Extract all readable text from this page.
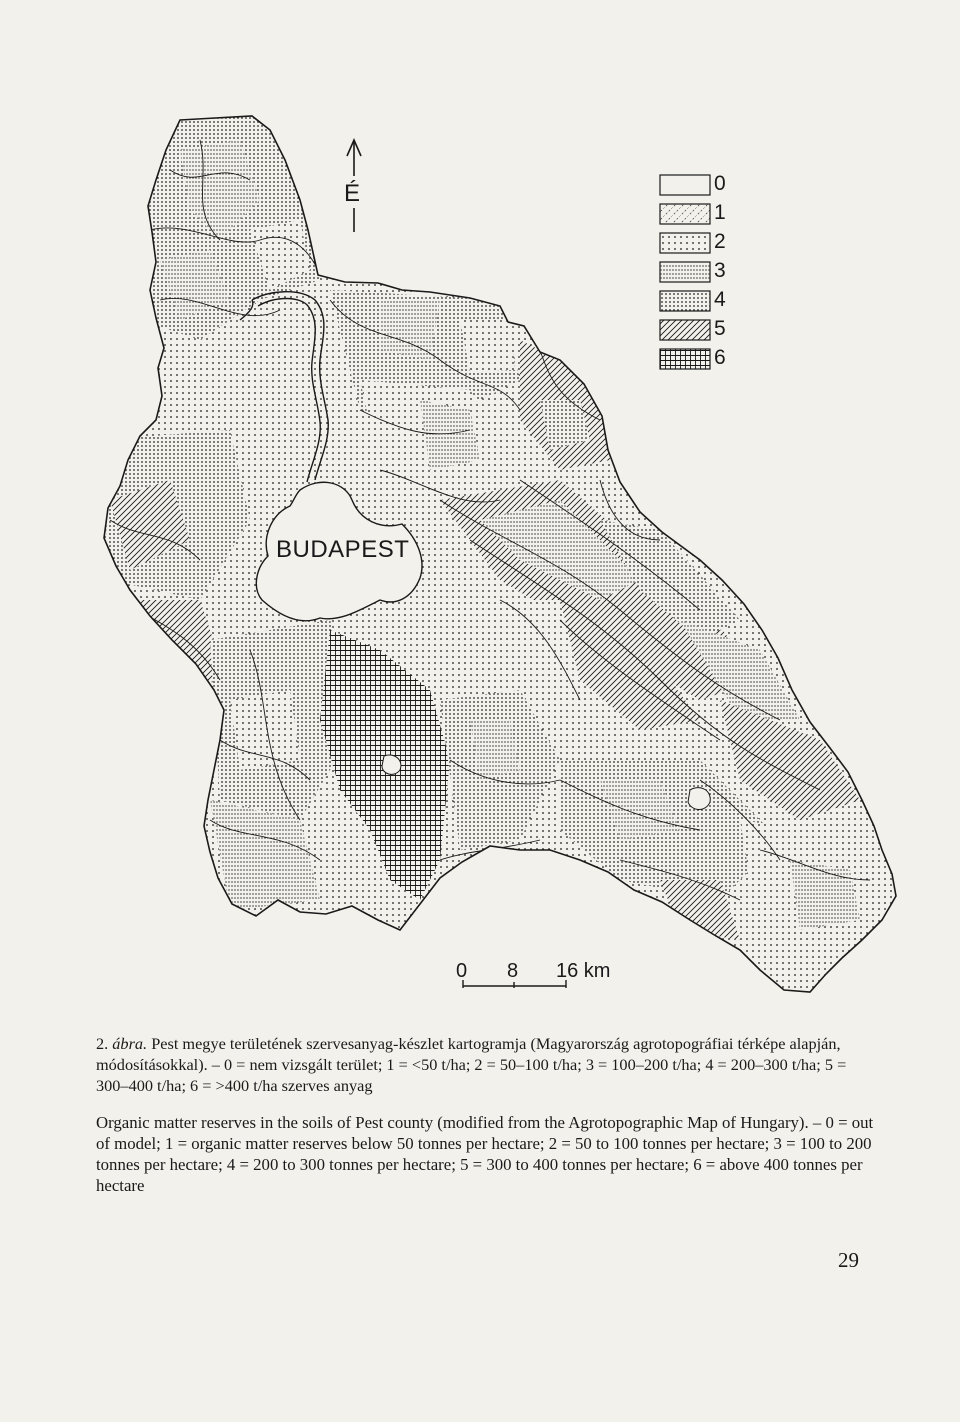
É
BUDAPEST
0
1
2
3
4
5
6
0 8 16 km
2. ábra. Pest megye területének szervesanyag-készlet kartogramja (Magyarország agrotopográfiai térképe alapján, módosításokkal). – 0 = nem vizsgált terület; 1 = <50 t/ha; 2 = 50–100 t/ha; 3 = 100–200 t/ha; 4 = 200–300 t/ha; 5 = 300–400 t/ha; 6 = >400 t/ha szerves anyag
Organic matter reserves in the soils of Pest county (modified from the Agrotopographic Map of Hungary). – 0 = out of model; 1 = organic matter reserves below 50 tonnes per hectare; 2 = 50 to 100 tonnes per hectare; 3 = 100 to 200 tonnes per hectare; 4 = 200 to 300 tonnes per hectare; 5 = 300 to 400 tonnes per hectare; 6 = above 400 tonnes per hectare
29
